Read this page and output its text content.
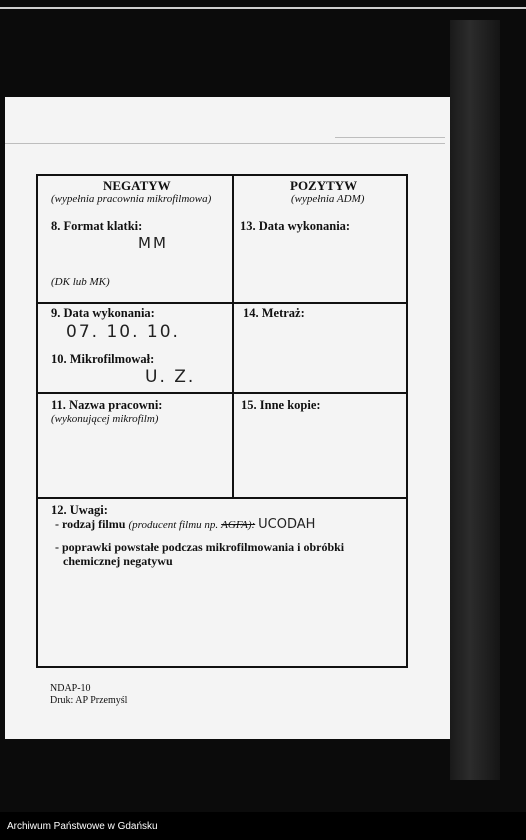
NEGATYW
(wypełnia pracownia mikrofilmowa)
POZYTYW
(wypełnia ADM)
8. Format klatki:
MM
(DK lub MK)
13. Data wykonania:
9. Data wykonania:
07. 10. 10.
14. Metraż:
10. Mikrofilmował:
U. Z.
11. Nazwa pracowni:
(wykonującej mikrofilm)
15. Inne kopie:
12. Uwagi:
- rodzaj filmu (producent filmu np. AGFA): UCODAH
- poprawki powstałe podczas mikrofilmowania i obróbki
chemicznej negatywu
NDAP-10
Druk: AP Przemyśl
Archiwum Państwowe w Gdańsku
